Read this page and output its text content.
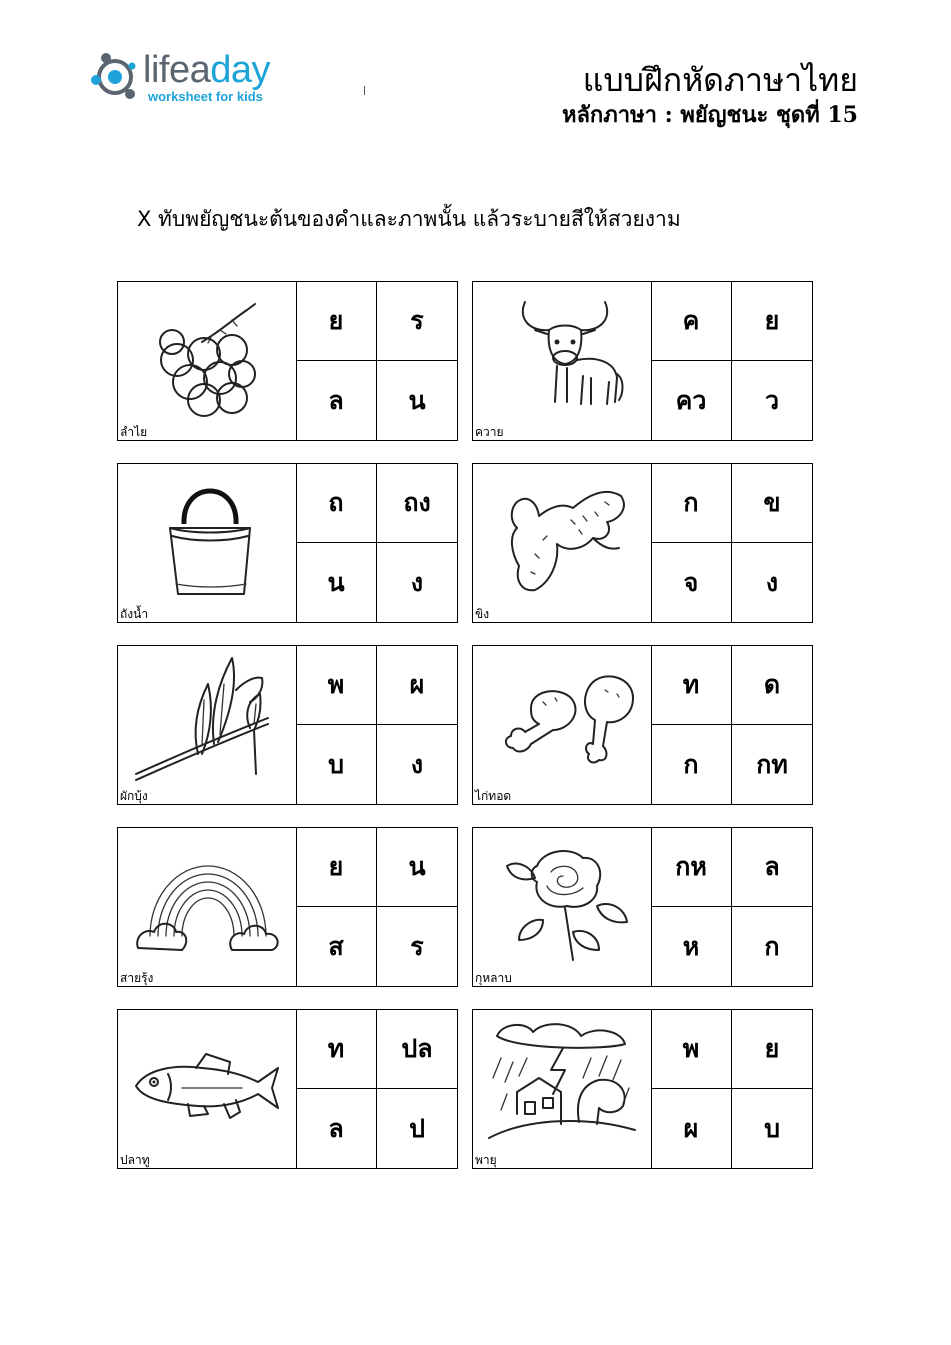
lifeaday
worksheet for kids	แบบฝึกหัดภาษาไทย
หลักภาษา : พยัญชนะ ชุดที่ 15
X ทับพยัญชนะต้นของคำและภาพนั้น แล้วระบายสีให้สวยงาม
ลำไย
ย	ร
ล	น
ควาย
ค	ย
คว	ว
ถังน้ำ
ถ	ถง
น	ง
ขิง
ก	ข
จ	ง
ผักบุ้ง
พ	ผ
บ	ง
ไก่ทอด
ท	ด
ก	กท
สายรุ้ง
ย	น
ส	ร
กุหลาบ
กห	ล
ห	ก
ปลาทู
ท	ปล
ล	ป
พายุ
พ	ย
ผ	บ
